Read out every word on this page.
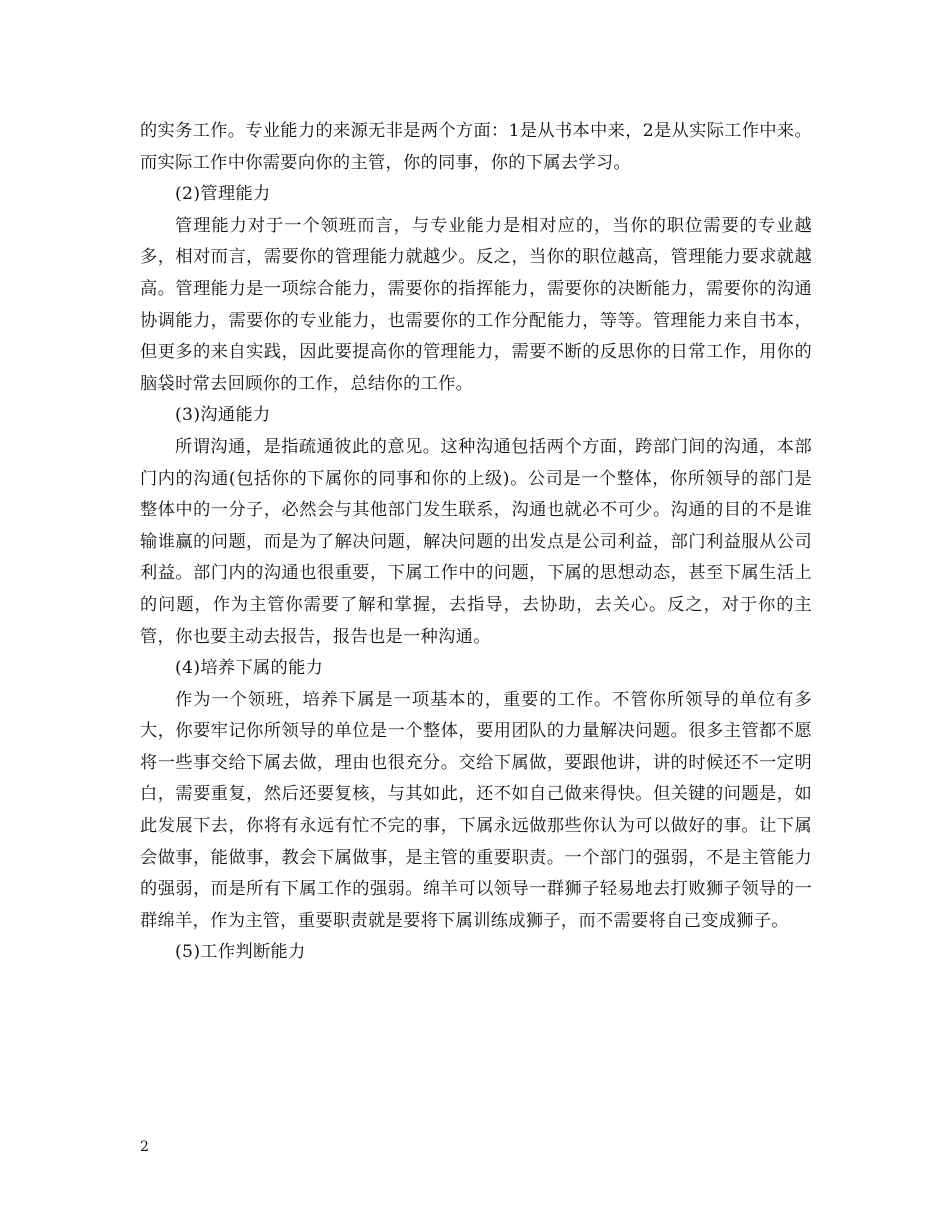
的实务工作。专业能力的来源无非是两个方面：1是从书本中来，2是从实际工作中来。而实际工作中你需要向你的主管，你的同事，你的下属去学习。

(2)管理能力

管理能力对于一个领班而言，与专业能力是相对应的，当你的职位需要的专业越多，相对而言，需要你的管理能力就越少。反之，当你的职位越高，管理能力要求就越高。管理能力是一项综合能力，需要你的指挥能力，需要你的决断能力，需要你的沟通协调能力，需要你的专业能力，也需要你的工作分配能力，等等。管理能力来自书本，但更多的来自实践，因此要提高你的管理能力，需要不断的反思你的日常工作，用你的脑袋时常去回顾你的工作，总结你的工作。

(3)沟通能力

所谓沟通，是指疏通彼此的意见。这种沟通包括两个方面，跨部门间的沟通，本部门内的沟通(包括你的下属你的同事和你的上级)。公司是一个整体，你所领导的部门是整体中的一分子，必然会与其他部门发生联系，沟通也就必不可少。沟通的目的不是谁输谁赢的问题，而是为了解决问题，解决问题的出发点是公司利益，部门利益服从公司利益。部门内的沟通也很重要，下属工作中的问题，下属的思想动态，甚至下属生活上的问题，作为主管你需要了解和掌握，去指导，去协助，去关心。反之，对于你的主管，你也要主动去报告，报告也是一种沟通。

(4)培养下属的能力

作为一个领班，培养下属是一项基本的，重要的工作。不管你所领导的单位有多大，你要牢记你所领导的单位是一个整体，要用团队的力量解决问题。很多主管都不愿将一些事交给下属去做，理由也很充分。交给下属做，要跟他讲，讲的时候还不一定明白，需要重复，然后还要复核，与其如此，还不如自己做来得快。但关键的问题是，如此发展下去，你将有永远有忙不完的事，下属永远做那些你认为可以做好的事。让下属会做事，能做事，教会下属做事，是主管的重要职责。一个部门的强弱，不是主管能力的强弱，而是所有下属工作的强弱。绵羊可以领导一群狮子轻易地去打败狮子领导的一群绵羊，作为主管，重要职责就是要将下属训练成狮子，而不需要将自己变成狮子。

(5)工作判断能力

2
